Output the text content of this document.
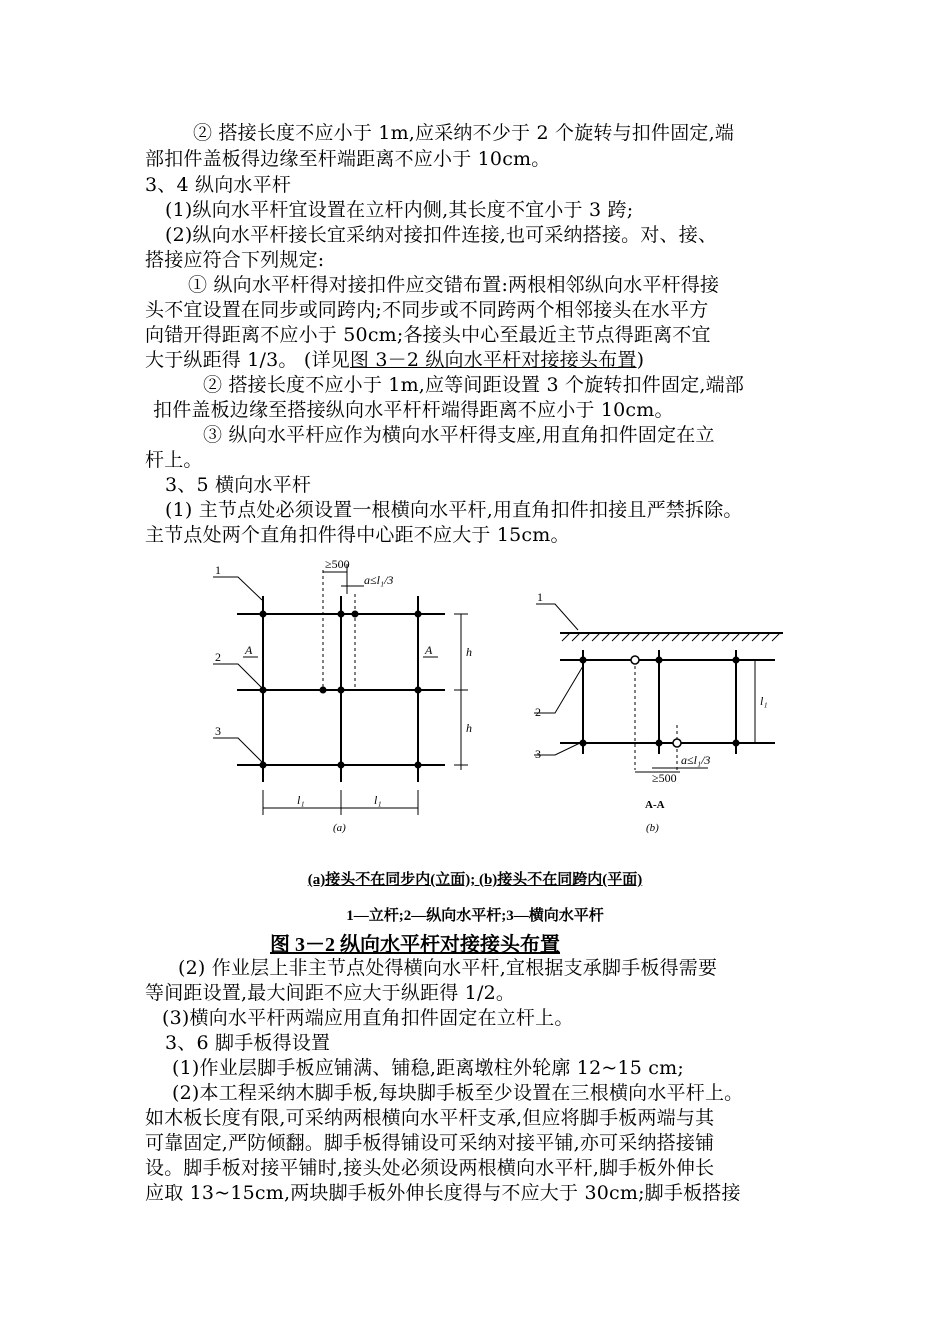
② 搭接长度不应小于 1m,应采纳不少于 2 个旋转与扣件固定,端
部扣件盖板得边缘至杆端距离不应小于 10cm。
3、4 纵向水平杆
(1)纵向水平杆宜设置在立杆内侧,其长度不宜小于 3 跨;
(2)纵向水平杆接长宜采纳对接扣件连接,也可采纳搭接。对、接、
搭接应符合下列规定:
① 纵向水平杆得对接扣件应交错布置:两根相邻纵向水平杆得接
头不宜设置在同步或同跨内;不同步或不同跨两个相邻接头在水平方
向错开得距离不应小于 50cm;各接头中心至最近主节点得距离不宜
大于纵距得 1/3。 (详见图 3－2 纵向水平杆对接接头布置)
② 搭接长度不应小于 1m,应等间距设置 3 个旋转扣件固定,端部
扣件盖板边缘至搭接纵向水平杆杆端得距离不应小于 10cm。
③ 纵向水平杆应作为横向水平杆得支座,用直角扣件固定在立
杆上。
3、5 横向水平杆
(1) 主节点处必须设置一根横向水平杆,用直角扣件扣接且严禁拆除。
主节点处两个直角扣件得中心距不应大于 15cm。
1
2
3
A	A
≥500
a≤l₁/3
h
h
l₁	l₁
(a)
1
2
3
l₁
a≤l₁/3
≥500
A-A
(b)
(a)接头不在同步内(立面); (b)接头不在同跨内(平面)
1—立杆;2—纵向水平杆;3—横向水平杆
图 3－2 纵向水平杆对接接头布置
(2) 作业层上非主节点处得横向水平杆,宜根据支承脚手板得需要
等间距设置,最大间距不应大于纵距得 1/2。
(3)横向水平杆两端应用直角扣件固定在立杆上。
3、6 脚手板得设置
(1)作业层脚手板应铺满、铺稳,距离墩柱外轮廓 12~15 cm;
(2)本工程采纳木脚手板,每块脚手板至少设置在三根横向水平杆上。
如木板长度有限,可采纳两根横向水平杆支承,但应将脚手板两端与其
可靠固定,严防倾翻。脚手板得铺设可采纳对接平铺,亦可采纳搭接铺
设。脚手板对接平铺时,接头处必须设两根横向水平杆,脚手板外伸长
应取 13~15cm,两块脚手板外伸长度得与不应大于 30cm;脚手板搭接
